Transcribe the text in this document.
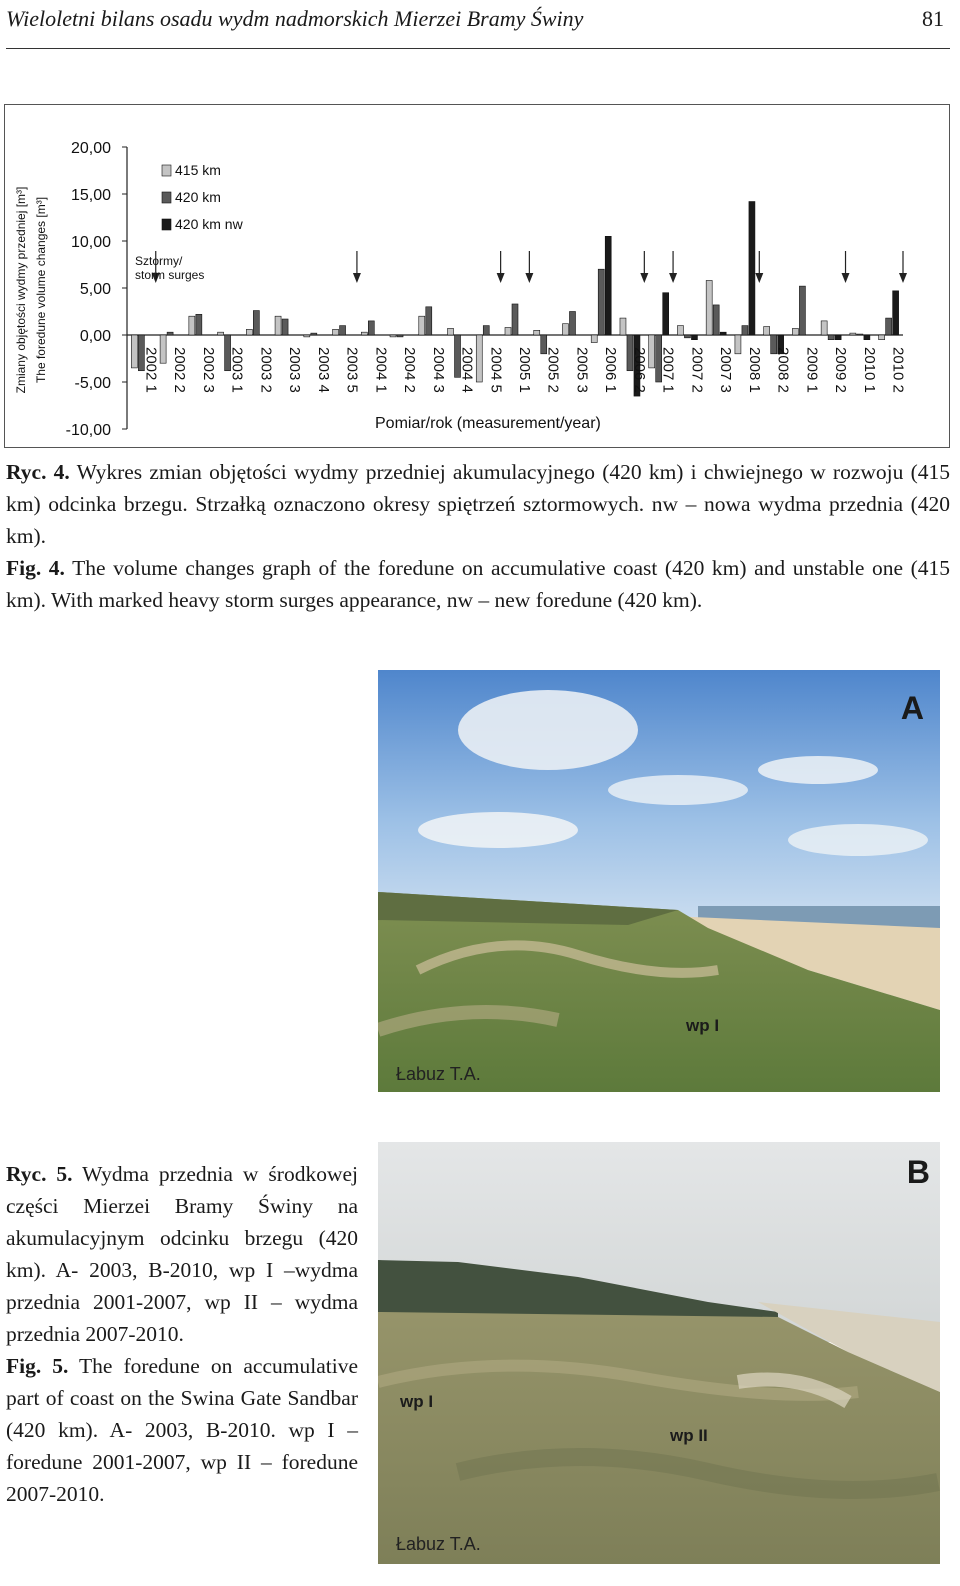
Wieloletni bilans osadu wydm nadmorskich Mierzei Bramy Świny	81
Zmiany objętości wydmy przedniej [m³] The foredune volume changes [m³]
20,00
15,00
10,00
5,00
0,00
-5,00
-10,00
2002 1 2002 2 2002 3 2003 1 2003 2 2003 3 2003 4 2003 5 2004 1 2004 2 2004 3 2004 4 2004 5 2005 1 2005 2 2005 3 2006 1 2006 2 2007 1 2007 2 2007 3 2008 1 2008 2 2009 1 2009 2 2010 1 2010 2
415 km
420 km
420 km nw
Sztormy/
storm surges
Pomiar/rok (measurement/year)
Ryc. 4. Wykres zmian objętości wydmy przedniej akumulacyjnego (420 km) i chwiejnego w rozwoju (415 km) odcinka brzegu. Strzałką oznaczono okresy spiętrzeń sztormowych. nw – nowa wydma przednia (420 km).
Fig. 4. The volume changes graph of the foredune on accumulative coast (420 km) and unstable one (415 km). With marked heavy storm surges appearance, nw – new foredune (420 km).
A
wp I
Łabuz T.A.
Ryc. 5. Wydma przednia w środkowej części Mierzei Bramy Świny na akumulacyjnym odcinku brzegu (420 km). A- 2003, B-2010, wp I –wydma przednia 2001-2007, wp II – wydma przednia 2007-2010.
Fig. 5. The foredune on accumulative part of coast on the Swina Gate Sandbar (420 km). A- 2003, B-2010. wp I – foredune 2001-2007, wp II – foredune 2007-2010.
B
wp I
wp II
Łabuz T.A.
